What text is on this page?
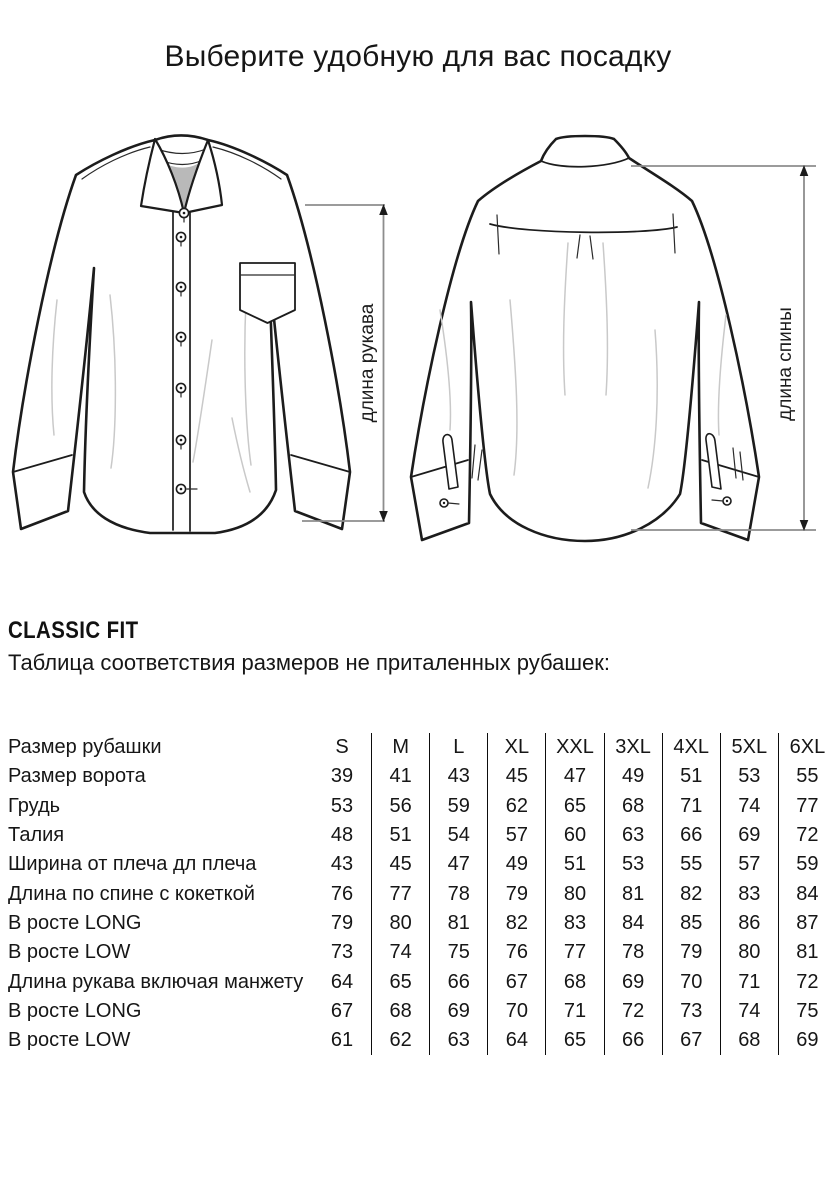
Выберите удобную для вас посадку
длина рукава	длина спины
CLASSIC FIT

Таблица соответствия размеров не приталенных рубашек:

Размер рубашки	S	M	L	XL	XXL	3XL	4XL	5XL	6XL
Размер ворота	39	41	43	45	47	49	51	53	55
Грудь	53	56	59	62	65	68	71	74	77
Талия	48	51	54	57	60	63	66	69	72
Ширина от плеча дл плеча	43	45	47	49	51	53	55	57	59
Длина по спине с кокеткой	76	77	78	79	80	81	82	83	84
В росте LONG	79	80	81	82	83	84	85	86	87
В росте LOW	73	74	75	76	77	78	79	80	81
Длина рукава включая манжету	64	65	66	67	68	69	70	71	72
В росте LONG	67	68	69	70	71	72	73	74	75
В росте LOW	61	62	63	64	65	66	67	68	69
